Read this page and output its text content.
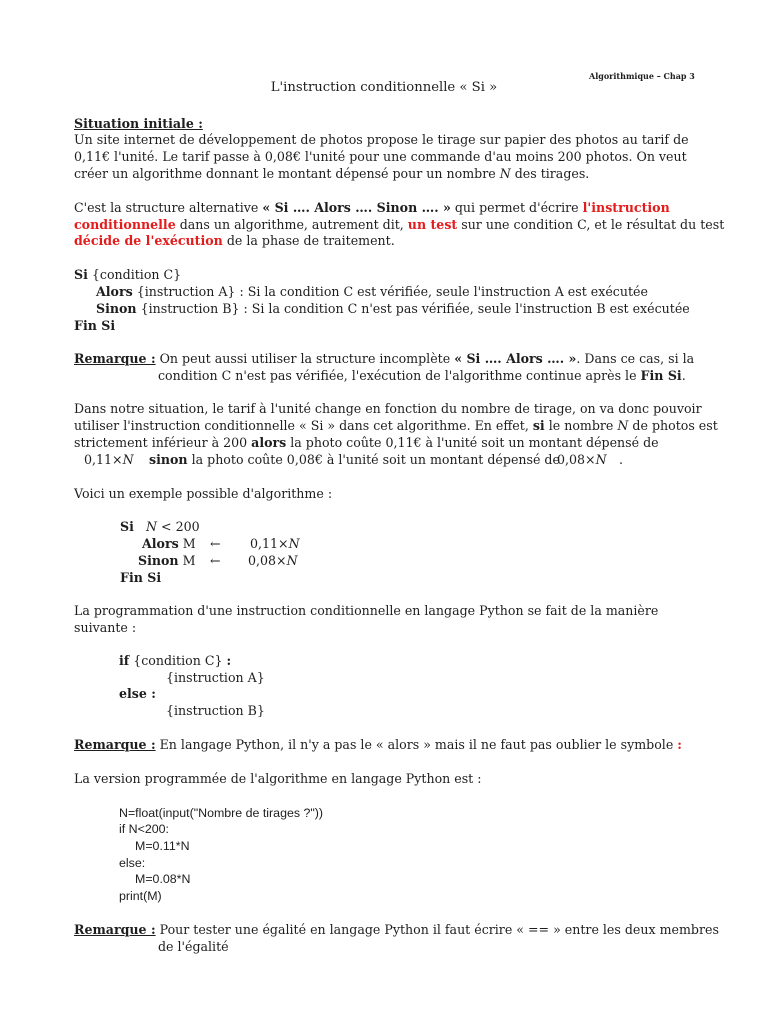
Algorithmique – Chap 3
L'instruction conditionnelle « Si »
Situation initiale :
Un site internet de développement de photos propose le tirage sur papier des photos au tarif de
0,11€ l'unité. Le tarif passe à 0,08€ l'unité pour une commande d'au moins 200 photos. On veut
créer un algorithme donnant le montant dépensé pour un nombre N des tirages.
C'est la structure alternative « Si …. Alors …. Sinon …. » qui permet d'écrire l'instruction
conditionnelle dans un algorithme, autrement dit, un test sur une condition C, et le résultat du test
décide de l'exécution de la phase de traitement.
Si {condition C}
Alors {instruction A} : Si la condition C est vérifiée, seule l'instruction A est exécutée
Sinon {instruction B} : Si la condition C n'est pas vérifiée, seule l'instruction B est exécutée
Fin Si
Remarque : On peut aussi utiliser la structure incomplète « Si …. Alors …. ». Dans ce cas, si la
condition C n'est pas vérifiée, l'exécution de l'algorithme continue après le Fin Si.
Dans notre situation, le tarif à l'unité change en fonction du nombre de tirage, on va donc pouvoir
utiliser l'instruction conditionnelle « Si » dans cet algorithme. En effet, si le nombre N de photos est
strictement inférieur à 200 alors la photo coûte 0,11€ à l'unité soit un montant dépensé de
0,11×N sinon la photo coûte 0,08€ à l'unité soit un montant dépensé de
0,08×N .
Voici un exemple possible d'algorithme :
Si N < 200
Alors M ← 0,11×N
Sinon M ← 0,08×N
Fin Si
La programmation d'une instruction conditionnelle en langage Python se fait de la manière
suivante :
if {condition C} :
{instruction A}
else :
{instruction B}
Remarque : En langage Python, il n'y a pas le « alors » mais il ne faut pas oublier le symbole :
La version programmée de l'algorithme en langage Python est :
N=float(input("Nombre de tirages ?"))
if N<200:
M=0.11*N
else:
M=0.08*N
print(M)
Remarque : Pour tester une égalité en langage Python il faut écrire « == » entre les deux membres
de l'égalité
